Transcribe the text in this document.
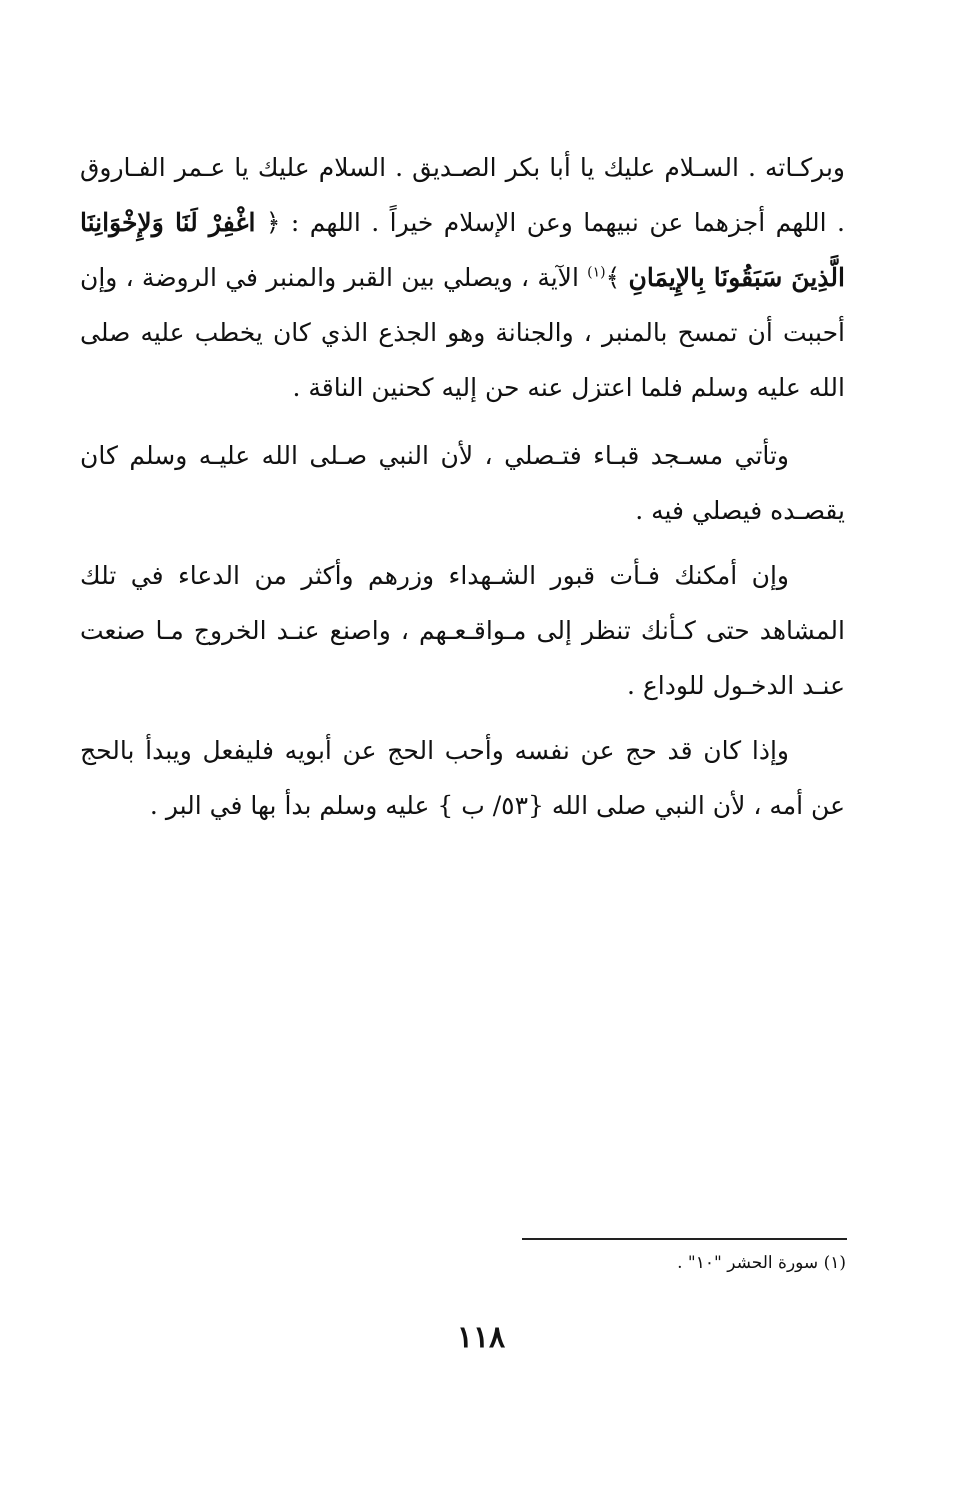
وبركـاته . السـلام عليك يا أبا بكر الصـديق . السلام عليك يا عـمر الفـاروق . اللهم أجزهما عن نبيهما وعن الإسلام خيراً . اللهم : ﴿ اغْفِرْ لَنَا وَلإِخْوَانِنَا الَّذِينَ سَبَقُونَا بِالإِيمَانِ ﴾$^{(١)}$ الآية ، ويصلي بين القبر والمنبر في الروضة ، وإن أحببت أن تمسح بالمنبر ، والجنانة وهو الجذع الذي كان يخطب عليه صلى الله عليه وسلم فلما اعتزل عنه حن إليه كحنين الناقة .

وتأتي مسـجد قبـاء فتـصلي ، لأن النبي صـلى الله عليـه وسلم كان يقصـده فيصلي فيه .

وإن أمكنك فـأت قبور الشـهداء وزرهم وأكثر من الدعاء في تلك المشاهد حتى كـأنك تنظر إلى مـواقـعـهم ، واصنع عنـد الخروج مـا صنعت عنـد الدخـول للوداع .

وإذا كان قد حج عن نفسه وأحب الحج عن أبويه فليفعل ويبدأ بالحج عن أمه ، لأن النبي صلى الله {٥٣/ ب } عليه وسلم بدأ بها في البر .

(١) سورة الحشر "١٠" .
١١٨
